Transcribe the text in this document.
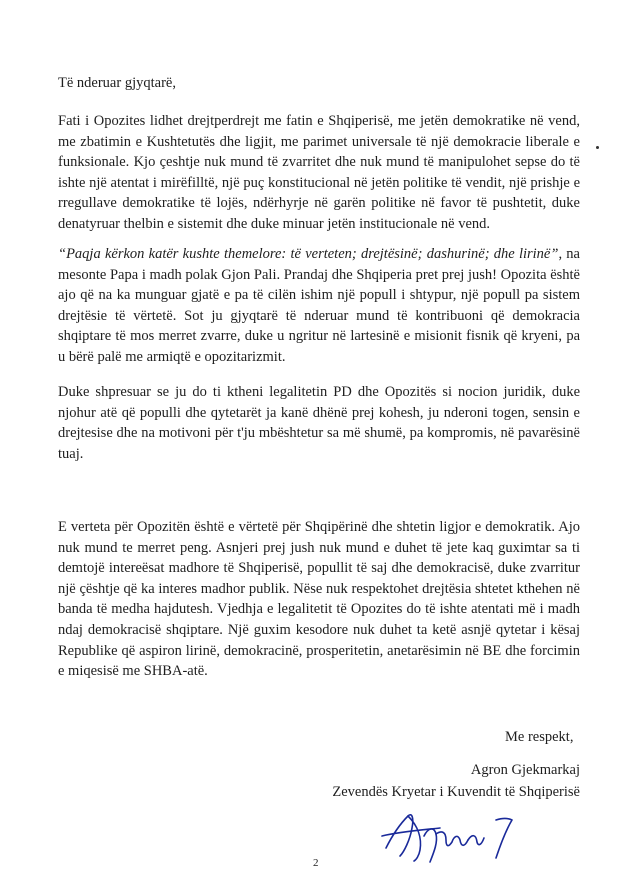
Të nderuar gjyqtarë,

Fati i Opozites lidhet drejtperdrejt me fatin e Shqiperisë, me jetën demokratike në vend, me zbatimin e Kushtetutës dhe ligjit, me parimet universale të një demokracie liberale e funksionale. Kjo çeshtje nuk mund të zvarritet dhe nuk mund të manipulohet sepse do të ishte një atentat i mirëfilltë, një puç konstitucional në jetën politike të vendit, një prishje e rregullave demokratike të lojës, ndërhyrje në garën politike në favor të pushtetit, duke denatyruar thelbin e sistemit dhe duke minuar jetën institucionale në vend.

“Paqja kërkon katër kushte themelore: të verteten; drejtësinë; dashurinë; dhe lirinë”, na mesonte Papa i madh polak Gjon Pali. Prandaj dhe Shqiperia pret prej jush! Opozita është ajo që na ka munguar gjatë e pa të cilën ishim një popull i shtypur, një popull pa sistem drejtësie të vërtetë. Sot ju gjyqtarë të nderuar mund të kontribuoni që demokracia shqiptare të mos merret zvarre, duke u ngritur në lartesinë e misionit fisnik që kryeni, pa u bërë palë me armiqtë e opozitarizmit.

Duke shpresuar se ju do ti ktheni legalitetin PD dhe Opozitës si nocion juridik, duke njohur atë që populli dhe qytetarët ja kanë dhënë prej kohesh, ju nderoni togen, sensin e drejtesise dhe na motivoni për t'ju mbështetur sa më shumë, pa kompromis, në pavarësinë tuaj.

E verteta për Opozitën është e vërtetë për Shqipërinë dhe shtetin ligjor e demokratik. Ajo nuk mund te merret peng. Asnjeri prej jush nuk mund e duhet të jete kaq guximtar sa ti demtojë intereësat madhore të Shqiperisë, popullit të saj dhe demokracisë, duke zvarritur një çështje që ka interes madhor publik. Nëse nuk respektohet drejtësia shtetet kthehen në banda të medha hajdutesh. Vjedhja e legalitetit të Opozites do të ishte atentati më i madh ndaj demokracisë shqiptare. Një guxim kesodore nuk duhet ta ketë asnjë qytetar i kësaj Republike që aspiron lirinë, demokracinë, prosperitetin, anetarësimin në BE dhe forcimin e miqesisë me SHBA-atë.

Me respekt,
Agron Gjekmarkaj
Zevendës Kryetar i Kuvendit të Shqiperisë
2
